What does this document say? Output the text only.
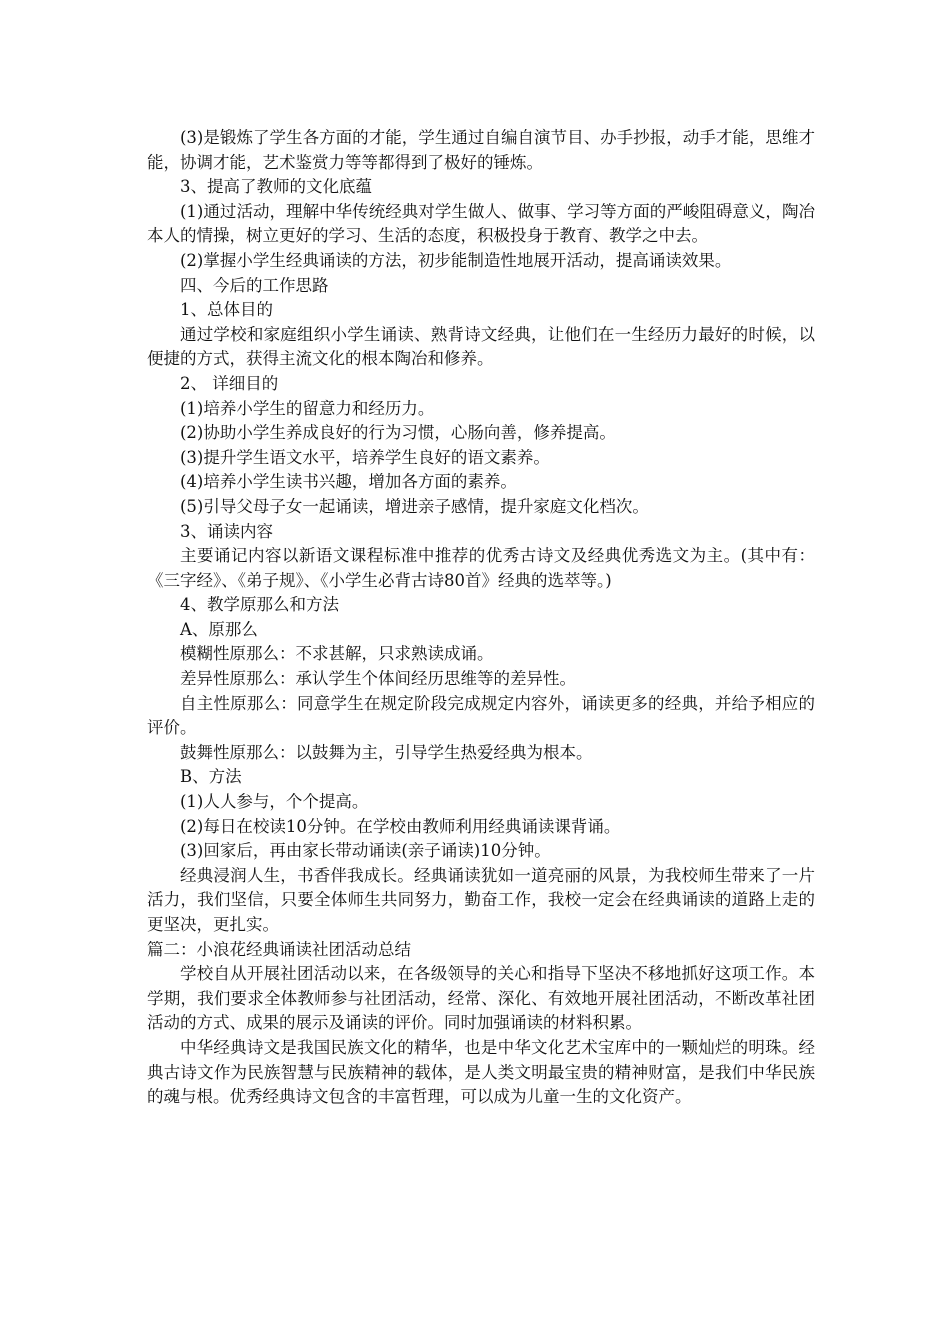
(3)是锻炼了学生各方面的才能，学生通过自编自演节目、办手抄报，动手才能，思维才能，协调才能，艺术鉴赏力等等都得到了极好的锤炼。

3、提高了教师的文化底蕴

(1)通过活动，理解中华传统经典对学生做人、做事、学习等方面的严峻阻碍意义，陶冶本人的情操，树立更好的学习、生活的态度，积极投身于教育、教学之中去。

(2)掌握小学生经典诵读的方法，初步能制造性地展开活动，提高诵读效果。

四、今后的工作思路

1、总体目的

通过学校和家庭组织小学生诵读、熟背诗文经典，让他们在一生经历力最好的时候，以便捷的方式，获得主流文化的根本陶冶和修养。

2、 详细目的

(1)培养小学生的留意力和经历力。

(2)协助小学生养成良好的行为习惯，心肠向善，修养提高。

(3)提升学生语文水平，培养学生良好的语文素养。

(4)培养小学生读书兴趣，增加各方面的素养。

(5)引导父母子女一起诵读，增进亲子感情，提升家庭文化档次。

3、诵读内容

主要诵记内容以新语文课程标准中推荐的优秀古诗文及经典优秀选文为主。(其中有：《三字经》、《弟子规》、《小学生必背古诗80首》经典的选萃等。)

4、教学原那么和方法

A、原那么

模糊性原那么：不求甚解，只求熟读成诵。

差异性原那么：承认学生个体间经历思维等的差异性。

自主性原那么：同意学生在规定阶段完成规定内容外，诵读更多的经典，并给予相应的评价。

鼓舞性原那么：以鼓舞为主，引导学生热爱经典为根本。

B、方法

(1)人人参与，个个提高。

(2)每日在校读10分钟。在学校由教师利用经典诵读课背诵。

(3)回家后，再由家长带动诵读(亲子诵读)10分钟。

经典浸润人生，书香伴我成长。经典诵读犹如一道亮丽的风景，为我校师生带来了一片活力，我们坚信，只要全体师生共同努力，勤奋工作，我校一定会在经典诵读的道路上走的更坚决，更扎实。

篇二：小浪花经典诵读社团活动总结

学校自从开展社团活动以来，在各级领导的关心和指导下坚决不移地抓好这项工作。本学期，我们要求全体教师参与社团活动，经常、深化、有效地开展社团活动，不断改革社团活动的方式、成果的展示及诵读的评价。同时加强诵读的材料积累。

中华经典诗文是我国民族文化的精华，也是中华文化艺术宝库中的一颗灿烂的明珠。经典古诗文作为民族智慧与民族精神的载体，是人类文明最宝贵的精神财富，是我们中华民族的魂与根。优秀经典诗文包含的丰富哲理，可以成为儿童一生的文化资产。
